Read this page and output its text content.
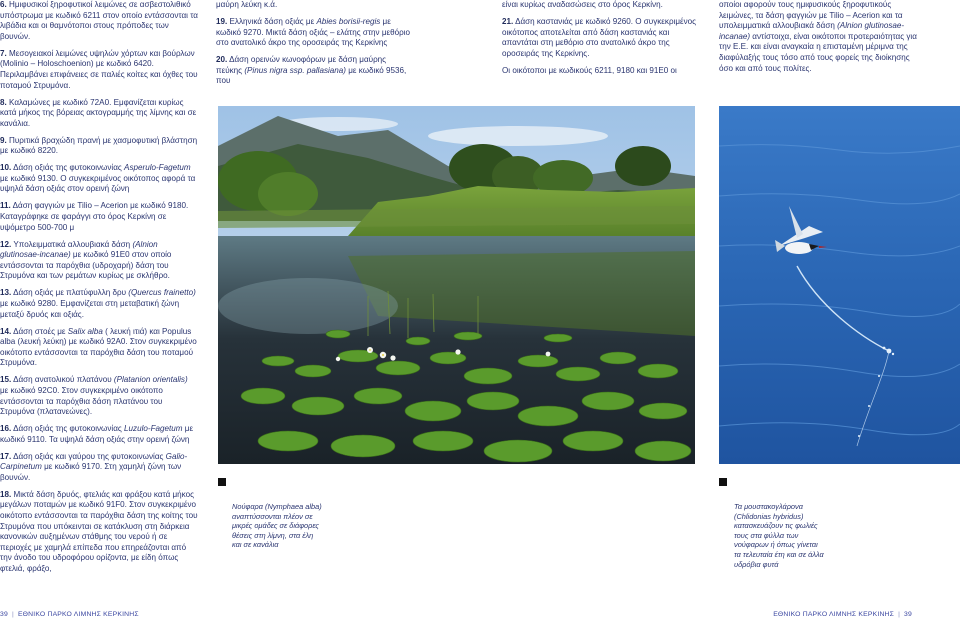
6. Ημιφυσικοί ξηροφυτικοί λειμώνες σε ασβεστολιθικό υπόστρωμα με κωδικό 6211 στον οποίο εντάσσονται τα λιβάδια και οι θαμνότοποι στους πρόποδες των βουνών.

7. Μεσογειακοί λειμώνες υψηλών χόρτων και βούρλων (Molinio – Holoschoenion) με κωδικό 6420. Περιλαμβάνει επιφάνειες σε παλιές κοίτες και όχθες του ποταμού Στρυμόνα.

8. Καλαμώνες με κωδικό 72Α0. Εμφανίζεται κυρίως κατά μήκος της βόρειας ακτογραμμής της λίμνης και σε κανάλια.

9. Πυριτικά βραχώδη πρανή με χασμοφυτική βλάστηση με κωδικό 8220.

10. Δάση οξιάς της φυτοκοινωνίας Asperulo-Fagetum με κωδικό 9130. Ο συγκεκριμένος οικότοπος αφορά τα υψηλά δάση οξιάς στον ορεινή ζώνη

11. Δάση φαγγιών με Tilio – Acerion με κωδικό 9180. Καταγράφηκε σε φαράγγι στο όρος Κερκίνη σε υψόμετρο 500-700 μ

12. Υπολειμματικά αλλουβιακά δάση (Alnion glutinosae-incanae) με κωδικό 91Ε0 στον οποίο εντάσσονται τα παρόχθια (υδροχαρή) δάση του Στρυμόνα και των ρεμάτων κυρίως με σκλήθρο.

13. Δάση οξιάς με πλατύφυλλη δρυ (Quercus frainetto) με κωδικό 9280. Εμφανίζεται στη μεταβατική ζώνη μεταξύ δρυός και οξιάς.

14. Δάση στοές με Salix alba ( λευκή ιτιά) και Populus alba (λευκή λεύκη) με κωδικό 92Α0. Στον συγκεκριμένο οικότοπο εντάσσονται τα παρόχθια δάση του ποταμού Στρυμόνα.

15. Δάση ανατολικού πλατάνου (Platanion orientalis) με κωδικό 92C0. Στον συγκεκριμένο οικότοπο εντάσσονται τα παρόχθια δάση πλατάνου του Στρυμόνα (πλατανεώνες).

16. Δάση οξιάς της φυτοκοινωνίας Luzulo-Fagetum με κωδικό 9110. Τα υψηλά δάση οξιάς στην ορεινή ζώνη

17. Δάση οξιάς και γαύρου της φυτοκοινωνίας Galio-Carpinetum με κωδικό 9170. Στη χαμηλή ζώνη των βουνών.

18. Μικτά δάση δρυός, φτελιάς και φράξου κατά μήκος μεγάλων ποταμών με κωδικό 91F0. Στον συγκεκριμένο οικότοπο εντάσσονται τα παρόχθια δάση της κοίτης του Στρυμόνα που υπόκεινται σε κατάκλυση στη διάρκεια κανονικών αυξημένων στάθμης του νερού ή σε περιοχές με χαμηλά επίπεδα που επηρεάζονται από την άνοδο του υδροφόρου ορίζοντα, με είδη όπως φτελιά, φράξο,

μαύρη λεύκη κ.ά.

19. Ελληνικά δάση οξιάς με Abies borisii-regis με κωδικό 9270. Μικτά δάση οξιάς – ελάτης στην μεθόριο στο ανατολικό άκρο της οροσειράς της Κερκίνης

20. Δάση ορεινών κωνοφόρων με δάση μαύρης πεύκης (Pinus nigra ssp. pallasiana) με κωδικό 9536, που

είναι κυρίως αναδασώσεις στο όρος Κερκίνη.

21. Δάση καστανιάς με κωδικό 9260. Ο συγκεκριμένος οικότοπος αποτελείται από δάση καστανιάς και απαντάται στη μεθόριο στο ανατολικό άκρο της οροσειράς της Κερκίνης.

Οι οικότοποι με κωδικούς 6211, 9180 και 91Ε0 οι

οποίοι αφορούν τους ημιφυσικούς ξηροφυτικούς λειμώνες, τα δάση φαγγιών με Tilio – Acerion και τα υπολειμματικά αλλουβιακά δάση (Alnion glutinosae-incanae) αντίστοιχα, είναι οικότοποι προτεραιότητας για την Ε.Ε. και είναι αναγκαία η επισταμένη μέριμνα της διαφύλαξής τους τόσο από τους φορείς της διοίκησης όσο και από τους πολίτες.

Νούφαρα (Nymphaea alba) αναπτύσσονται πλέον σε μικρές ομάδες σε διάφορες θέσεις στη λίμνη, στα έλη και σε κανάλια
Τα μουστακογλάρονα (Chlidonias hybridus) κατασκευάζουν τις φωλιές τους στα φύλλα των νούφαρων ή όπως γίνεται τα τελευταία έτη και σε άλλα υδρόβια φυτά
39 | ΕΘΝΙΚΟ ΠΑΡΚΟ ΛΙΜΝΗΣ ΚΕΡΚΙΝΗΣ	ΕΘΝΙΚΟ ΠΑΡΚΟ ΛΙΜΝΗΣ ΚΕΡΚΙΝΗΣ | 39
